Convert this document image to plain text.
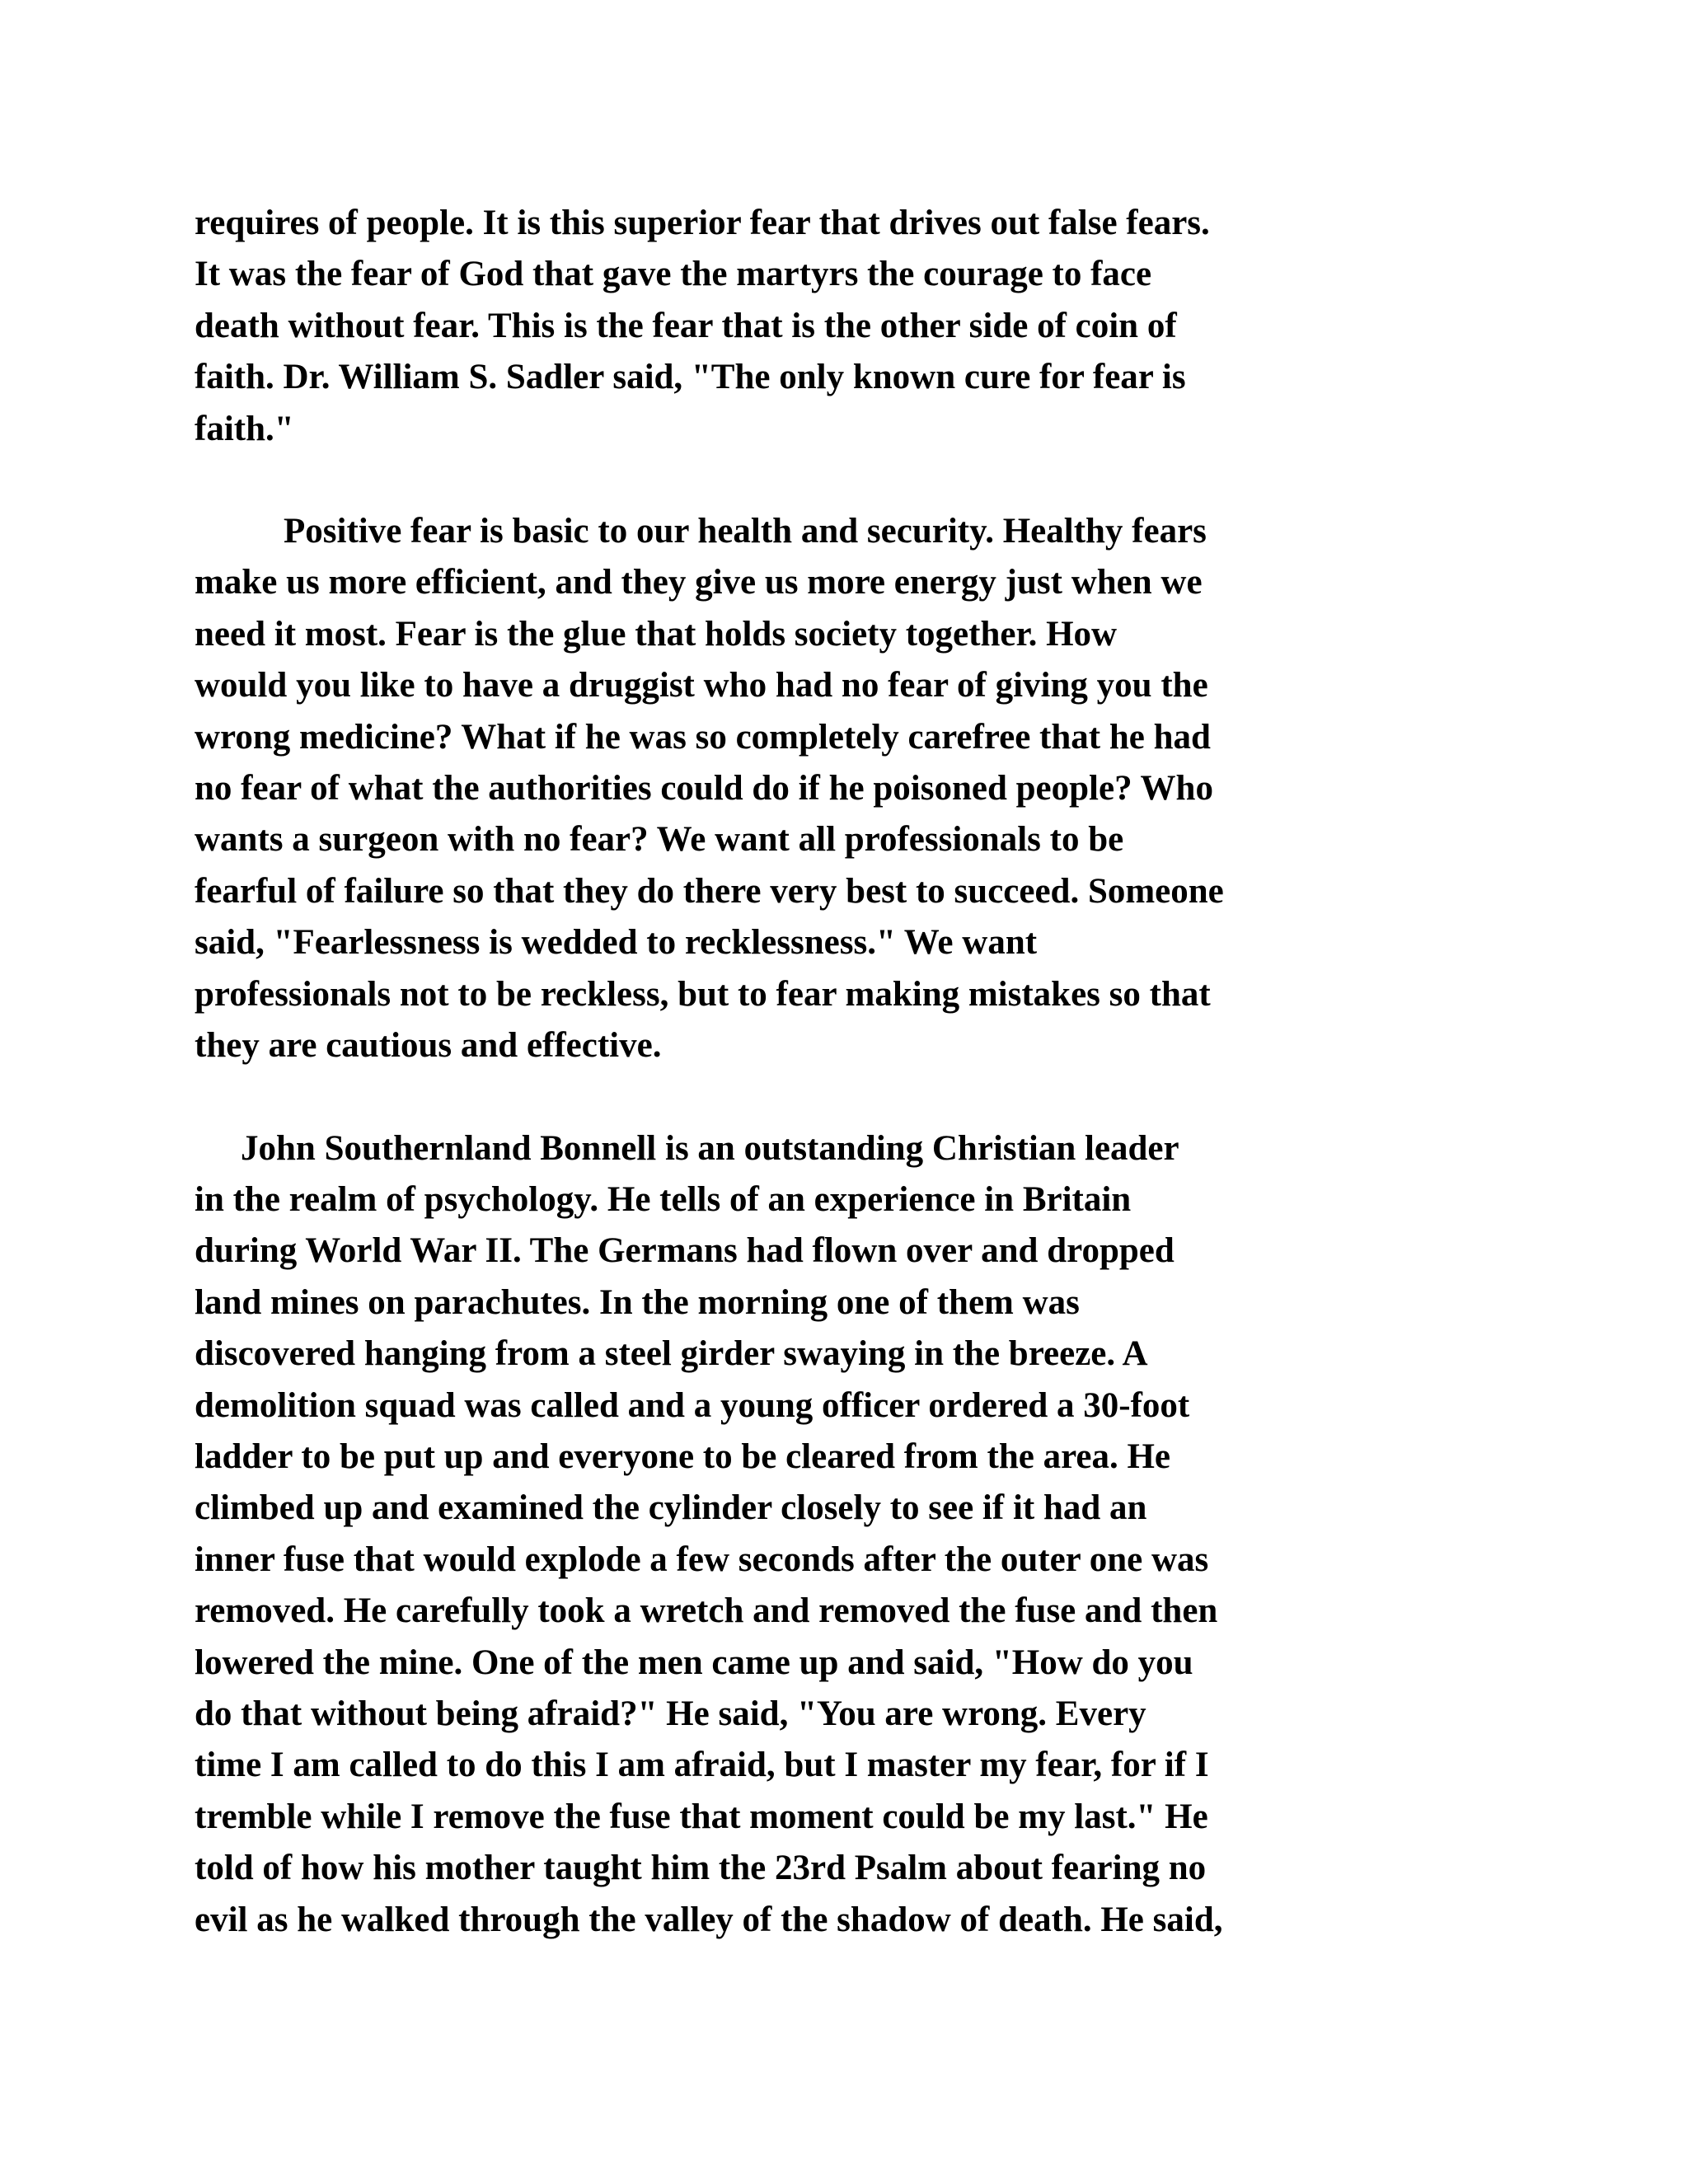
requires of people. It is this superior fear that drives out false fears.
It was the fear of God that gave the martyrs the courage to face
death without fear. This is the fear that is the other side of coin of
faith. Dr. William S. Sadler said, "The only known cure for fear is
faith."

Positive fear is basic to our health and security. Healthy fears
make us more efficient, and they give us more energy just when we
need it most. Fear is the glue that holds society together. How
would you like to have a druggist who had no fear of giving you the
wrong medicine? What if he was so completely carefree that he had
no fear of what the authorities could do if he poisoned people? Who
wants a surgeon with no fear? We want all professionals to be
fearful of failure so that they do there very best to succeed. Someone
said, "Fearlessness is wedded to recklessness." We want
professionals not to be reckless, but to fear making mistakes so that
they are cautious and effective.

John Southernland Bonnell is an outstanding Christian leader
in the realm of psychology. He tells of an experience in Britain
during World War II. The Germans had flown over and dropped
land mines on parachutes. In the morning one of them was
discovered hanging from a steel girder swaying in the breeze. A
demolition squad was called and a young officer ordered a 30-foot
ladder to be put up and everyone to be cleared from the area. He
climbed up and examined the cylinder closely to see if it had an
inner fuse that would explode a few seconds after the outer one was
removed. He carefully took a wretch and removed the fuse and then
lowered the mine. One of the men came up and said, "How do you
do that without being afraid?" He said, "You are wrong. Every
time I am called to do this I am afraid, but I master my fear, for if I
tremble while I remove the fuse that moment could be my last." He
told of how his mother taught him the 23rd Psalm about fearing no
evil as he walked through the valley of the shadow of death. He said,
